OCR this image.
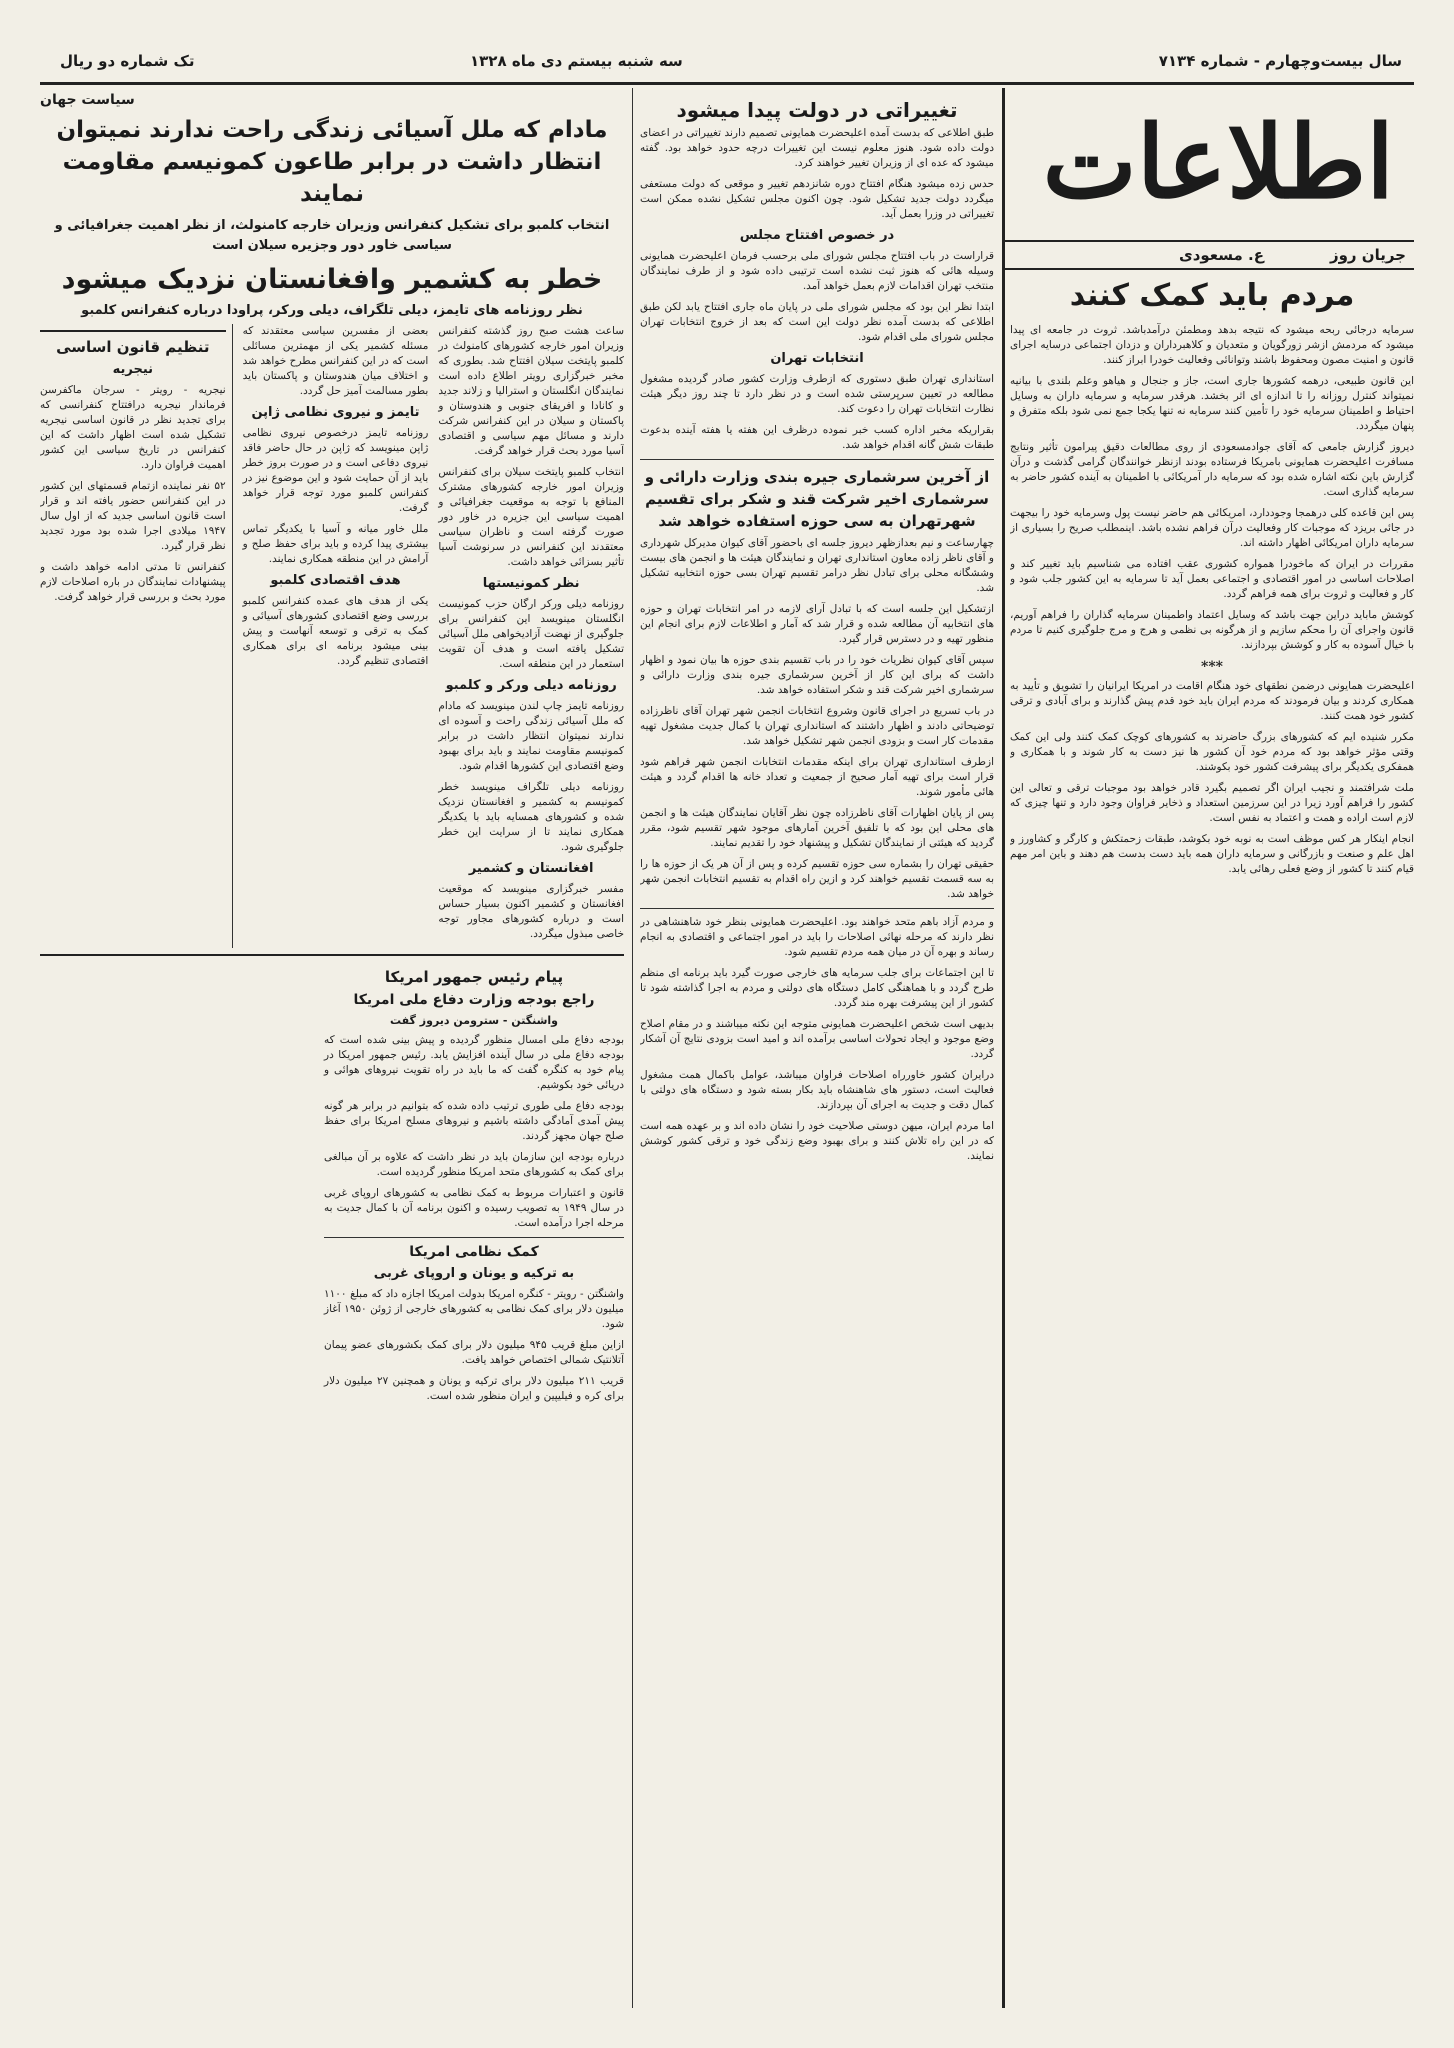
سال بیست‌وچهارم - شماره ۷۱۳۴
سه شنبه بیستم دی ماه ۱۳۲۸
تک شماره دو ریال
اطلاعات
جریان روز
ع. مسعودی
مردم باید کمک کنند

سرمایه درجائی ربحه میشود که نتیجه بدهد ومطمئن درآمدباشد. ثروت در جامعه ای پیدا میشود که مردمش ازشر زورگویان و متعدیان و کلاهبرداران و دزدان اجتماعی درسایه اجرای قانون و امنیت مصون ومحفوظ باشند وتوانائی وفعالیت خودرا ابراز کنند.

این قانون طبیعی، درهمه کشورها جاری است، جاز و جنجال و هیاهو وعلم بلندی با بیانیه نمیتواند کنترل روزانه را تا اندازه ای اثر بخشد. هرقدر سرمایه و سرمایه داران به وسایل احتیاط و اطمینان سرمایه خود را تأمین کنند سرمایه نه تنها یکجا جمع نمی شود بلکه متفرق و پنهان میگردد.

دیروز گزارش جامعی که آقای جوادمسعودی از روی مطالعات دقیق پیرامون تأثیر ونتایج مسافرت اعلیحضرت همایونی بامریکا فرستاده بودند ازنظر خوانندگان گرامی گذشت و درآن گزارش باین نکته اشاره شده بود که سرمایه دار آمریکائی با اطمینان به آینده کشور حاضر به سرمایه گذاری است.

پس این قاعده کلی درهمجا وجوددارد، امریکائی هم حاضر نیست پول وسرمایه خود را بیجهت در جائی بریزد که موجبات کار وفعالیت درآن فراهم نشده باشد. اینمطلب صریح را بسیاری از سرمایه داران امریکائی اظهار داشته اند.

مقررات در ایران که ماخودرا همواره کشوری عقب افتاده می شناسیم باید تغییر کند و اصلاحات اساسی در امور اقتصادی و اجتماعی بعمل آید تا سرمایه به این کشور جلب شود و کار و فعالیت و ثروت برای همه فراهم گردد.

کوشش ماباید دراین جهت باشد که وسایل اعتماد واطمینان سرمایه گذاران را فراهم آوریم، قانون واجرای آن را محکم سازیم و از هرگونه بی نظمی و هرج و مرج جلوگیری کنیم تا مردم با خیال آسوده به کار و کوشش بپردازند.

***

اعلیحضرت همایونی درضمن نطقهای خود هنگام اقامت در امریکا ایرانیان را تشویق و تأیید به همکاری کردند و بیان فرمودند که مردم ایران باید خود قدم پیش گذارند و برای آبادی و ترقی کشور خود همت کنند.

مکرر شنیده ایم که کشورهای بزرگ حاضرند به کشورهای کوچک کمک کنند ولی این کمک وقتی مؤثر خواهد بود که مردم خود آن کشور ها نیز دست به کار شوند و با همکاری و همفکری یکدیگر برای پیشرفت کشور خود بکوشند.

ملت شرافتمند و نجیب ایران اگر تصمیم بگیرد قادر خواهد بود موجبات ترقی و تعالی این کشور را فراهم آورد زیرا در این سرزمین استعداد و ذخایر فراوان وجود دارد و تنها چیزی که لازم است اراده و همت و اعتماد به نفس است.

انجام اینکار هر کس موظف است به نوبه خود بکوشد، طبقات زحمتکش و کارگر و کشاورز و اهل علم و صنعت و بازرگانی و سرمایه داران همه باید دست بدست هم دهند و باین امر مهم قیام کنند تا کشور از وضع فعلی رهائی یابد.

تغییراتی در دولت پیدا میشود

طبق اطلاعی که بدست آمده اعلیحضرت همایونی تصمیم دارند تغییراتی در اعضای دولت داده شود. هنوز معلوم نیست این تغییرات درچه حدود خواهد بود. گفته میشود که عده ای از وزیران تغییر خواهند کرد.

حدس زده میشود هنگام افتتاح دوره شانزدهم تغییر و موقعی که دولت مستعفی میگردد دولت جدید تشکیل شود. چون اکنون مجلس تشکیل نشده ممکن است تغییراتی در وزرا بعمل آید.

در خصوص افتتاح مجلس

قراراست در باب افتتاح مجلس شورای ملی برحسب فرمان اعلیحضرت همایونی وسیله هائی که هنوز ثبت نشده است ترتیبی داده شود و از طرف نمایندگان منتخب تهران اقدامات لازم بعمل خواهد آمد.

ابتدا نظر این بود که مجلس شورای ملی در پایان ماه جاری افتتاح یابد لکن طبق اطلاعی که بدست آمده نظر دولت این است که بعد از خروج انتخابات تهران مجلس شورای ملی اقدام شود.

انتخابات تهران

استانداری تهران طبق دستوری که ازطرف وزارت کشور صادر گردیده مشغول مطالعه در تعیین سرپرستی شده است و در نظر دارد تا چند روز دیگر هیئت نظارت انتخابات تهران را دعوت کند.

بقراریکه مخبر اداره کسب خبر نموده درظرف این هفته یا هفته آینده بدعوت طبقات شش گانه اقدام خواهد شد.

از آخرین سرشماری جیره بندی وزارت دارائی و سرشماری اخیر شرکت قند و شکر برای تقسیم شهرتهران به سی حوزه استفاده خواهد شد

چهارساعت و نیم بعدازظهر دیروز جلسه ای باحضور آقای کیوان مدیرکل شهرداری و آقای ناظر زاده معاون استانداری تهران و نمایندگان هیئت ها و انجمن های بیست وششگانه محلی برای تبادل نظر درامر تقسیم تهران بسی حوزه انتخابیه تشکیل شد.

ازتشکیل این جلسه است که با تبادل آرای لازمه در امر انتخابات تهران و حوزه های انتخابیه آن مطالعه شده و قرار شد که آمار و اطلاعات لازم برای انجام این منظور تهیه و در دسترس قرار گیرد.

سپس آقای کیوان نظریات خود را در باب تقسیم بندی حوزه ها بیان نمود و اظهار داشت که برای این کار از آخرین سرشماری جیره بندی وزارت دارائی و سرشماری اخیر شرکت قند و شکر استفاده خواهد شد.

در باب تسریع در اجرای قانون وشروع انتخابات انجمن شهر تهران آقای ناظرزاده توضیحاتی دادند و اظهار داشتند که استانداری تهران با کمال جدیت مشغول تهیه مقدمات کار است و بزودی انجمن شهر تشکیل خواهد شد.

ازطرف استانداری تهران برای اینکه مقدمات انتخابات انجمن شهر فراهم شود قرار است برای تهیه آمار صحیح از جمعیت و تعداد خانه ها اقدام گردد و هیئت هائی مأمور شوند.

پس از پایان اظهارات آقای ناظرزاده چون نظر آقایان نمایندگان هیئت ها و انجمن های محلی این بود که با تلفیق آخرین آمارهای موجود شهر تقسیم شود، مقرر گردید که هیئتی از نمایندگان تشکیل و پیشنهاد خود را تقدیم نمایند.

حقیقی تهران را بشماره سی حوزه تقسیم کرده و پس از آن هر یک از حوزه ها را به سه قسمت تقسیم خواهند کرد و ازین راه اقدام به تقسیم انتخابات انجمن شهر خواهد شد.

و مردم آزاد باهم متحد خواهند بود. اعلیحضرت همایونی بنظر خود شاهنشاهی در نظر دارند که مرحله نهائی اصلاحات را باید در امور اجتماعی و اقتصادی به انجام رساند و بهره آن در میان همه مردم تقسیم شود.

تا این اجتماعات برای جلب سرمایه های خارجی صورت گیرد باید برنامه ای منظم طرح گردد و با هماهنگی کامل دستگاه های دولتی و مردم به اجرا گذاشته شود تا کشور از این پیشرفت بهره مند گردد.

بدیهی است شخص اعلیحضرت همایونی متوجه این نکته میباشند و در مقام اصلاح وضع موجود و ایجاد تحولات اساسی برآمده اند و امید است بزودی نتایج آن آشکار گردد.

درایران کشور خاورراه اصلاحات فراوان میباشد، عوامل باکمال همت مشغول فعالیت است، دستور های شاهنشاه باید بکار بسته شود و دستگاه های دولتی با کمال دقت و جدیت به اجرای آن بپردازند.

اما مردم ایران، میهن دوستی صلاحیت خود را نشان داده اند و بر عهده همه است که در این راه تلاش کنند و برای بهبود وضع زندگی خود و ترقی کشور کوشش نمایند.

سیاست جهان
مادام که ملل آسیائی زندگی راحت ندارند نمیتوان انتظار داشت در برابر طاعون کمونیسم مقاومت نمایند
انتخاب کلمبو برای تشکیل کنفرانس وزیران خارجه کامنولث، از نظر اهمیت جغرافیائی و سیاسی خاور دور وجزیره سیلان است
خطر به کشمیر وافغانستان نزدیک میشود
نظر روزنامه های تایمز، دیلی تلگراف، دیلی ورکر، پراودا درباره کنفرانس کلمبو

ساعت هشت صبح روز گذشته کنفرانس وزیران امور خارجه کشورهای کامنولث در کلمبو پایتخت سیلان افتتاح شد. بطوری که مخبر خبرگزاری رویتر اطلاع داده است نمایندگان انگلستان و استرالیا و زلاند جدید و کانادا و افریقای جنوبی و هندوستان و پاکستان و سیلان در این کنفرانس شرکت دارند و مسائل مهم سیاسی و اقتصادی آسیا مورد بحث قرار خواهد گرفت.

انتخاب کلمبو پایتخت سیلان برای کنفرانس وزیران امور خارجه کشورهای مشترک المنافع با توجه به موقعیت جغرافیائی و اهمیت سیاسی این جزیره در خاور دور صورت گرفته است و ناظران سیاسی معتقدند این کنفرانس در سرنوشت آسیا تأثیر بسزائی خواهد داشت.

نظر کمونیستها

روزنامه دیلی ورکر ارگان حزب کمونیست انگلستان مینویسد این کنفرانس برای جلوگیری از نهضت آزادیخواهی ملل آسیائی تشکیل یافته است و هدف آن تقویت استعمار در این منطقه است.

روزنامه دیلی ورکر و کلمبو

روزنامه تایمز چاپ لندن مینویسد که مادام که ملل آسیائی زندگی راحت و آسوده ای ندارند نمیتوان انتظار داشت در برابر کمونیسم مقاومت نمایند و باید برای بهبود وضع اقتصادی این کشورها اقدام شود.

روزنامه دیلی تلگراف مینویسد خطر کمونیسم به کشمیر و افغانستان نزدیک شده و کشورهای همسایه باید با یکدیگر همکاری نمایند تا از سرایت این خطر جلوگیری شود.

افغانستان و کشمیر

مفسر خبرگزاری مینویسد که موقعیت افغانستان و کشمیر اکنون بسیار حساس است و درباره کشورهای مجاور توجه خاصی مبذول میگردد.

بعضی از مفسرین سیاسی معتقدند که مسئله کشمیر یکی از مهمترین مسائلی است که در این کنفرانس مطرح خواهد شد و اختلاف میان هندوستان و پاکستان باید بطور مسالمت آمیز حل گردد.

تایمز و نیروی نظامی ژاپن

روزنامه تایمز درخصوص نیروی نظامی ژاپن مینویسد که ژاپن در حال حاضر فاقد نیروی دفاعی است و در صورت بروز خطر باید از آن حمایت شود و این موضوع نیز در کنفرانس کلمبو مورد توجه قرار خواهد گرفت.

ملل خاور میانه و آسیا با یکدیگر تماس بیشتری پیدا کرده و باید برای حفظ صلح و آرامش در این منطقه همکاری نمایند.

هدف اقتصادی کلمبو

یکی از هدف های عمده کنفرانس کلمبو بررسی وضع اقتصادی کشورهای آسیائی و کمک به ترقی و توسعه آنهاست و پیش بینی میشود برنامه ای برای همکاری اقتصادی تنظیم گردد.

تنظیم قانون اساسی
نیجریه

نیجریه - رویتر - سرجان ماکفرسن فرماندار نیجریه درافتتاح کنفرانسی که برای تجدید نظر در قانون اساسی نیجریه تشکیل شده است اظهار داشت که این کنفرانس در تاریخ سیاسی این کشور اهمیت فراوان دارد.

۵۲ نفر نماینده ازتمام قسمتهای این کشور در این کنفرانس حضور یافته اند و قرار است قانون اساسی جدید که از اول سال ۱۹۴۷ میلادی اجرا شده بود مورد تجدید نظر قرار گیرد.

کنفرانس تا مدتی ادامه خواهد داشت و پیشنهادات نمایندگان در باره اصلاحات لازم مورد بحث و بررسی قرار خواهد گرفت.

پیام رئیس جمهور امریکا
راجع بودجه وزارت دفاع ملی امریکا
واشنگتن - سترومن دیروز گفت

بودجه دفاع ملی امسال منظور گردیده و پیش بینی شده است که بودجه دفاع ملی در سال آینده افزایش یابد. رئیس جمهور امریکا در پیام خود به کنگره گفت که ما باید در راه تقویت نیروهای هوائی و دریائی خود بکوشیم.

بودجه دفاع ملی طوری ترتیب داده شده که بتوانیم در برابر هر گونه پیش آمدی آمادگی داشته باشیم و نیروهای مسلح امریکا برای حفظ صلح جهان مجهز گردند.

درباره بودجه این سازمان باید در نظر داشت که علاوه بر آن مبالغی برای کمک به کشورهای متحد امریکا منظور گردیده است.

قانون و اعتبارات مربوط به کمک نظامی به کشورهای اروپای غربی در سال ۱۹۴۹ به تصویب رسیده و اکنون برنامه آن با کمال جدیت به مرحله اجرا درآمده است.

کمک نظامی امریکا
به ترکیه و یونان و اروپای غربی

واشنگتن - رویتر - کنگره امریکا بدولت امریکا اجازه داد که مبلغ ۱۱۰۰ میلیون دلار برای کمک نظامی به کشورهای خارجی از ژوئن ۱۹۵۰ آغاز شود.

ازاین مبلغ قریب ۹۴۵ میلیون دلار برای کمک بکشورهای عضو پیمان آتلانتیک شمالی اختصاص خواهد یافت.

قریب ۲۱۱ میلیون دلار برای ترکیه و یونان و همچنین ۲۷ میلیون دلار برای کره و فیلیپین و ایران منظور شده است.
